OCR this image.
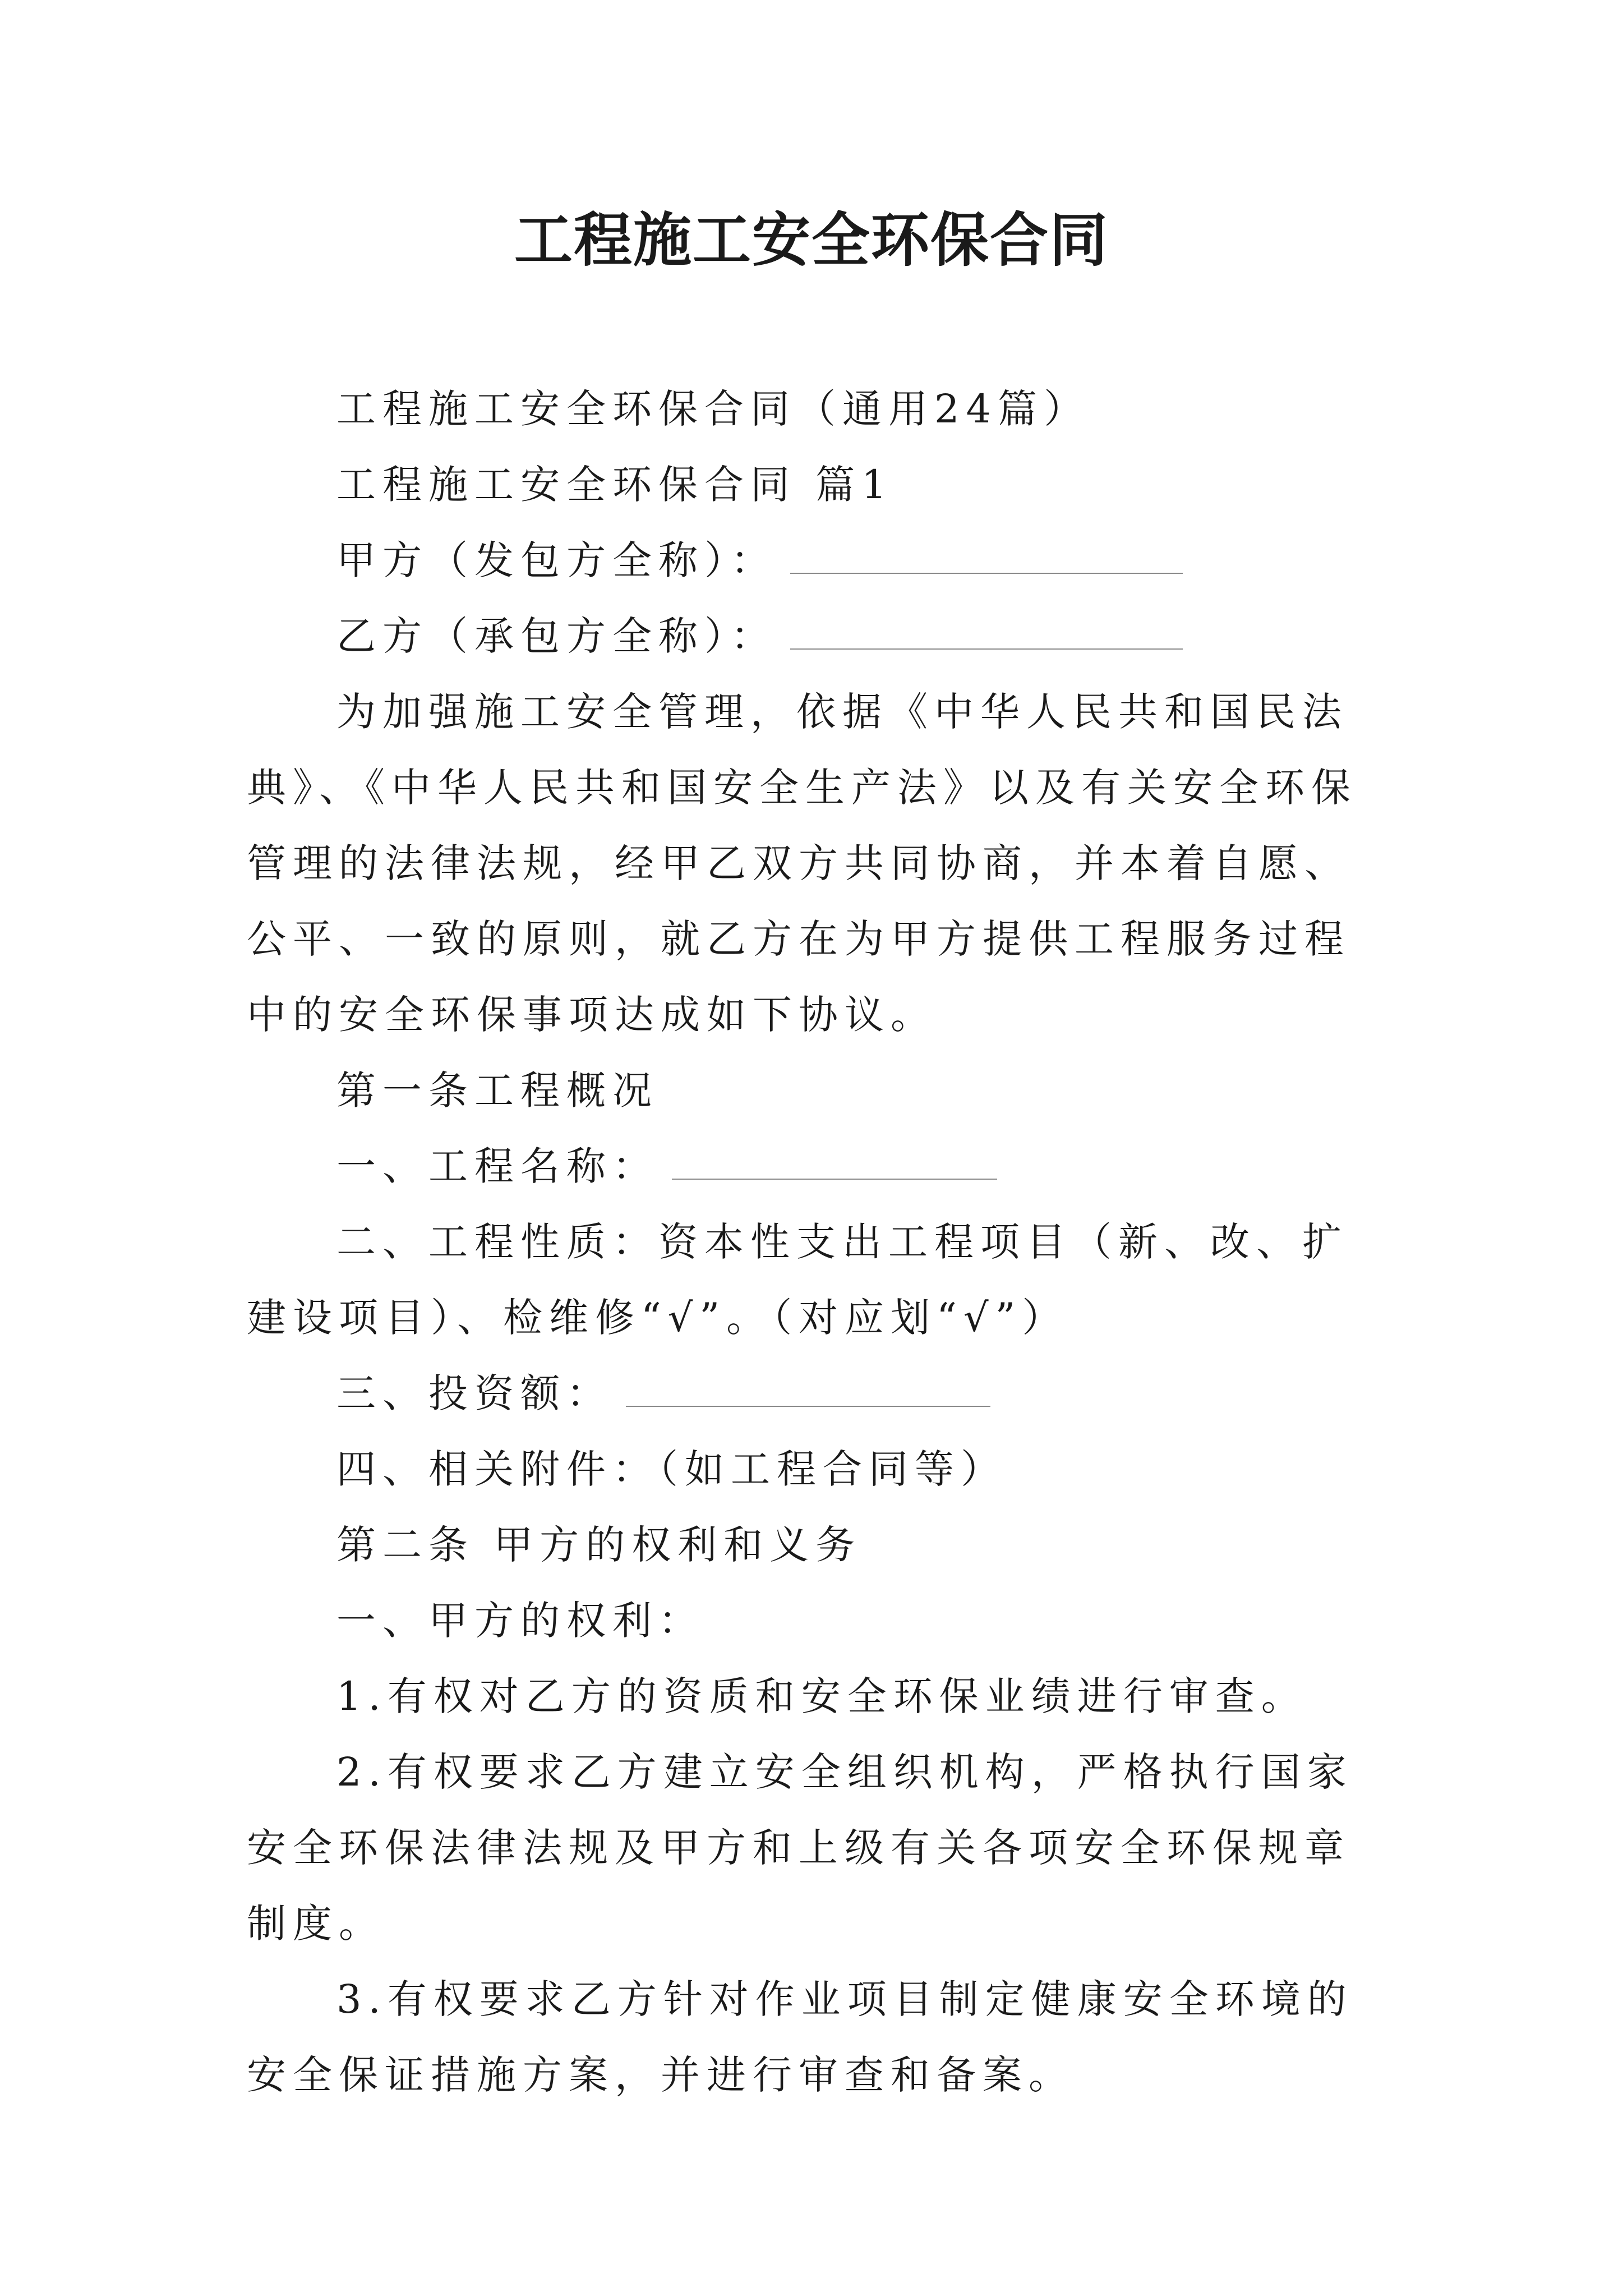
工程施工安全环保合同

工程施工安全环保合同（通用24篇）

工程施工安全环保合同 篇1

甲方（发包方全称）：

乙方（承包方全称）：

为加强施工安全管理，依据《中华人民共和国民法典》、《中华人民共和国安全生产法》以及有关安全环保管理的法律法规，经甲乙双方共同协商，并本着自愿、公平、一致的原则，就乙方在为甲方提供工程服务过程中的安全环保事项达成如下协议。

第一条工程概况

一、工程名称：

二、工程性质：资本性支出工程项目（新、改、扩建设项目）、检维修“√”。（对应划“√”）

三、投资额：

四、相关附件：（如工程合同等）

第二条 甲方的权利和义务

一、甲方的权利：

1.有权对乙方的资质和安全环保业绩进行审查。

2.有权要求乙方建立安全组织机构，严格执行国家安全环保法律法规及甲方和上级有关各项安全环保规章制度。

3.有权要求乙方针对作业项目制定健康安全环境的安全保证措施方案，并进行审查和备案。
